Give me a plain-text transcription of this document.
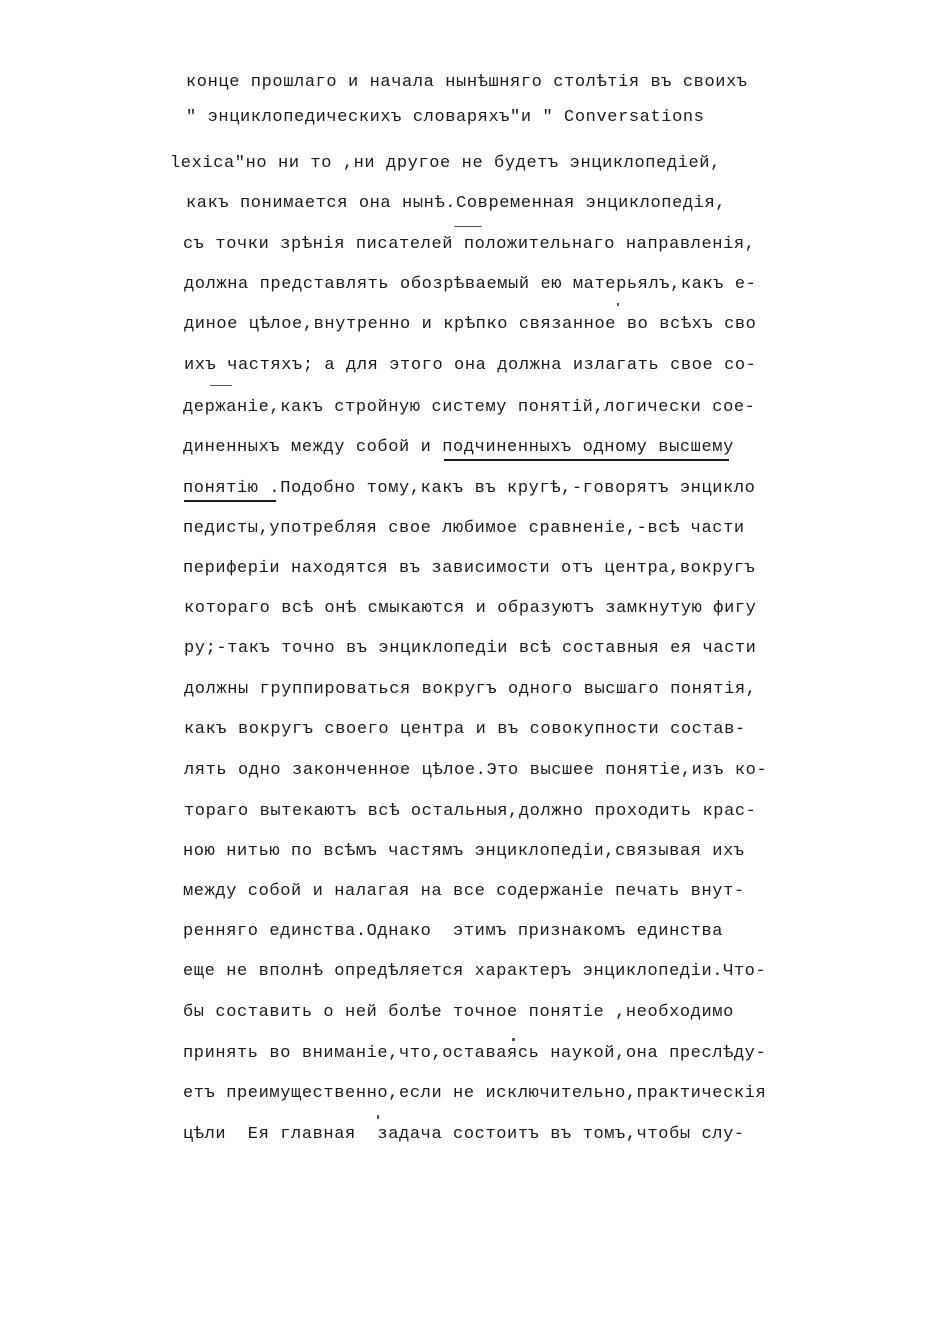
конце прошлаго и начала нынѣшняго столѣтія въ своихъ
" энциклопедическихъ словаряхъ"и " Conversations
lexica"но ни то ,ни другое не будетъ энциклопедіей,
какъ понимается она нынѣ.Современная энциклопедія,
съ точки зрѣнія писателей положительнаго направленія,
должна представлять обозрѣваемый ею матерьялъ,какъ е-
диное цѣлое,внутренно и крѣпко связанное во всѣхъ сво
ихъ частяхъ; а для этого она должна излагать свое со-
держаніе,какъ стройную систему понятій,логически сое-
диненныхъ между собой и подчиненныхъ одному высшему
понятію .Подобно тому,какъ въ кругѣ,-говорятъ энцикло
педисты,употребляя свое любимое сравненіе,-всѣ части
периферіи находятся въ зависимости отъ центра,вокругъ
котораго всѣ онѣ смыкаются и образуютъ замкнутую фигу
ру;-такъ точно въ энциклопедіи всѣ составныя ея части
должны группироваться вокругъ одного высшаго понятія,
какъ вокругъ своего центра и въ совокупности состав-
лять одно законченное цѣлое.Это высшее понятіе,изъ ко-
тораго вытекаютъ всѣ остальныя,должно проходить крас-
ною нитью по всѣмъ частямъ энциклопедіи,связывая ихъ
между собой и налагая на все содержаніе печать внут-
ренняго единства.Однако  этимъ признакомъ единства
еще не вполнѣ опредѣляется характеръ энциклопедіи.Что-
бы составить о ней болѣе точное понятіе ,необходимо
принять во вниманіе,что,оставаясь наукой,она преслѣду-
етъ преимущественно,если не исключительно,практическія
цѣли  Ея главная  задача состоитъ въ томъ,чтобы слу-
